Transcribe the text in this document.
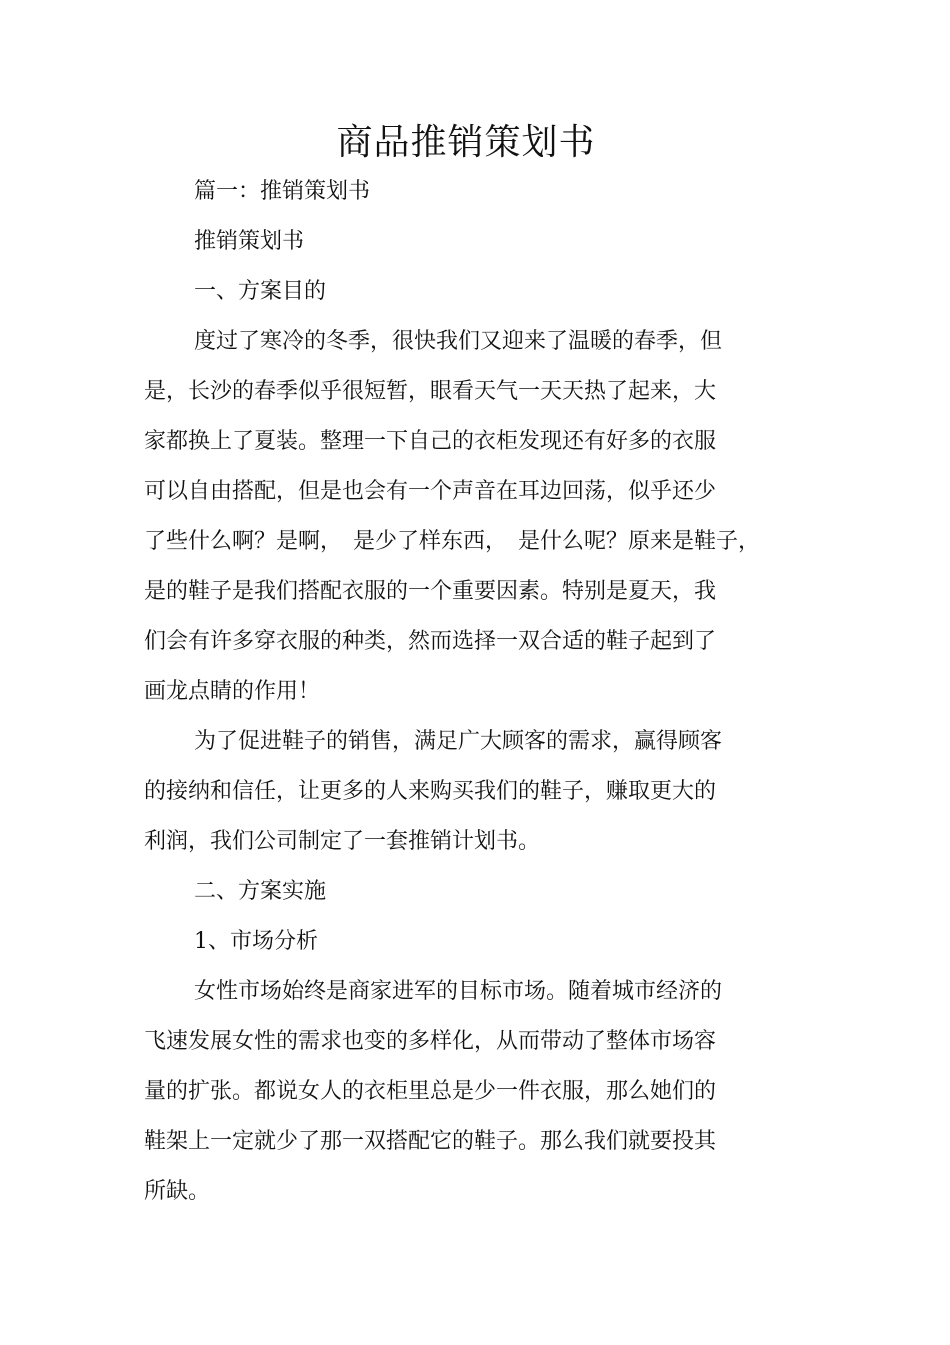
商品推销策划书
篇一：推销策划书
推销策划书
一、方案目的
度过了寒冷的冬季，很快我们又迎来了温暖的春季，但
是，长沙的春季似乎很短暂，眼看天气一天天热了起来，大
家都换上了夏装。整理一下自己的衣柜发现还有好多的衣服
可以自由搭配，但是也会有一个声音在耳边回荡，似乎还少
了些什么啊？是啊，　是少了样东西，　是什么呢？原来是鞋子，
是的鞋子是我们搭配衣服的一个重要因素。特别是夏天，我
们会有许多穿衣服的种类，然而选择一双合适的鞋子起到了
画龙点睛的作用！
为了促进鞋子的销售，满足广大顾客的需求，赢得顾客
的接纳和信任，让更多的人来购买我们的鞋子，赚取更大的
利润，我们公司制定了一套推销计划书。
二、方案实施
1、市场分析
女性市场始终是商家进军的目标市场。随着城市经济的
飞速发展女性的需求也变的多样化，从而带动了整体市场容
量的扩张。都说女人的衣柜里总是少一件衣服，那么她们的
鞋架上一定就少了那一双搭配它的鞋子。那么我们就要投其
所缺。
